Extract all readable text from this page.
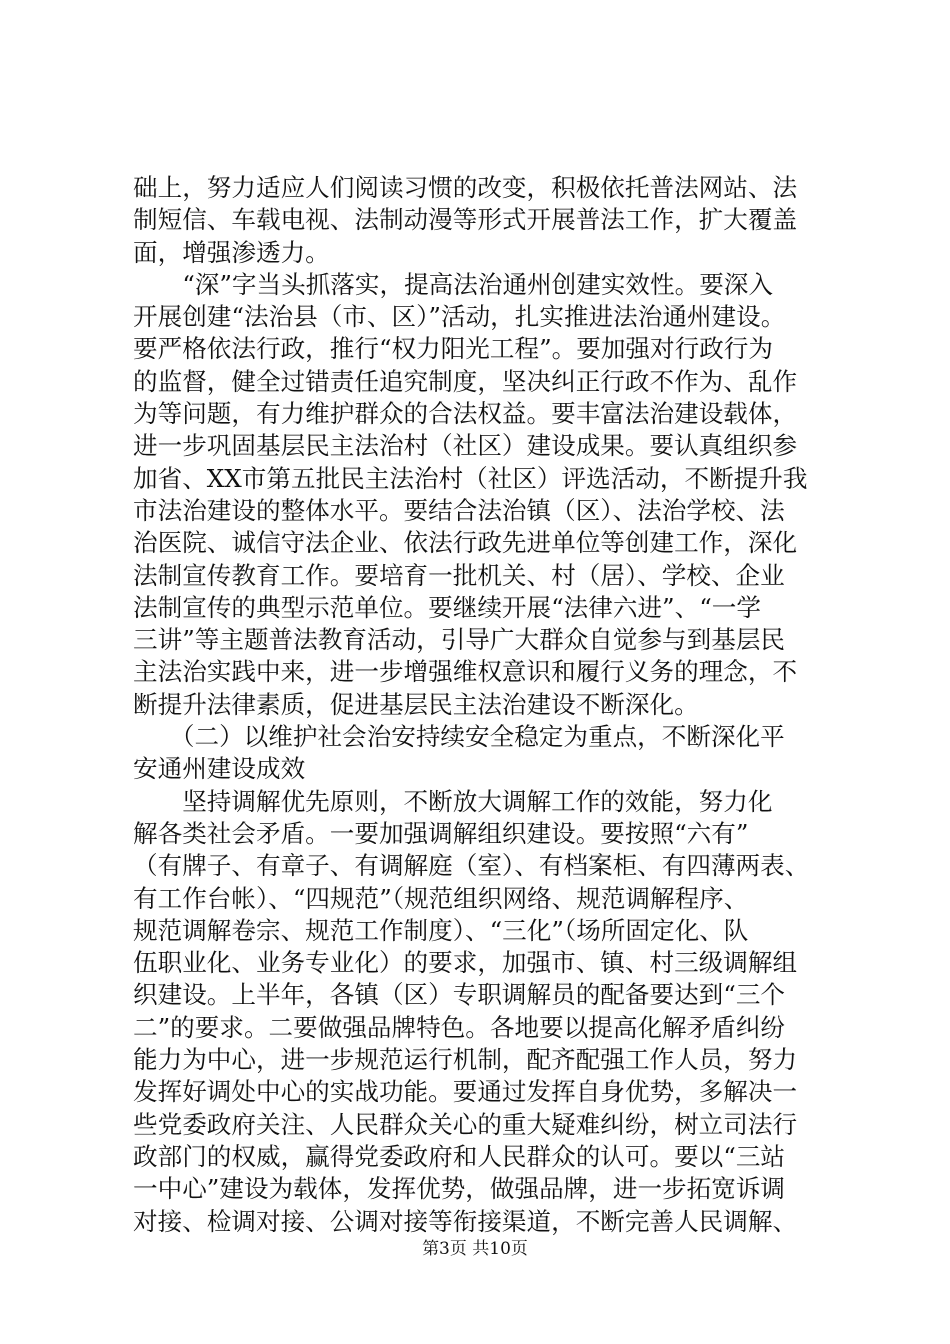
础上，努力适应人们阅读习惯的改变，积极依托普法网站、法
制短信、车载电视、法制动漫等形式开展普法工作，扩大覆盖
面，增强渗透力。
　　“深”字当头抓落实，提高法治通州创建实效性。要深入
开展创建“法治县（市、区）”活动，扎实推进法治通州建设。
要严格依法行政，推行“权力阳光工程”。要加强对行政行为
的监督，健全过错责任追究制度，坚决纠正行政不作为、乱作
为等问题，有力维护群众的合法权益。要丰富法治建设载体，
进一步巩固基层民主法治村（社区）建设成果。要认真组织参
加省、XX市第五批民主法治村（社区）评选活动，不断提升我
市法治建设的整体水平。要结合法治镇（区）、法治学校、法
治医院、诚信守法企业、依法行政先进单位等创建工作，深化
法制宣传教育工作。要培育一批机关、村（居）、学校、企业
法制宣传的典型示范单位。要继续开展“法律六进”、“一学
三讲”等主题普法教育活动，引导广大群众自觉参与到基层民
主法治实践中来，进一步增强维权意识和履行义务的理念，不
断提升法律素质，促进基层民主法治建设不断深化。
　　（二）以维护社会治安持续安全稳定为重点，不断深化平
安通州建设成效
　　坚持调解优先原则，不断放大调解工作的效能，努力化
解各类社会矛盾。一要加强调解组织建设。要按照“六有”
（有牌子、有章子、有调解庭（室）、有档案柜、有四薄两表、
有工作台帐）、“四规范”（规范组织网络、规范调解程序、
规范调解卷宗、规范工作制度）、“三化”（场所固定化、队
伍职业化、业务专业化）的要求，加强市、镇、村三级调解组
织建设。上半年，各镇（区）专职调解员的配备要达到“三个
二”的要求。二要做强品牌特色。各地要以提高化解矛盾纠纷
能力为中心，进一步规范运行机制，配齐配强工作人员，努力
发挥好调处中心的实战功能。要通过发挥自身优势，多解决一
些党委政府关注、人民群众关心的重大疑难纠纷，树立司法行
政部门的权威，赢得党委政府和人民群众的认可。要以“三站
一中心”建设为载体，发挥优势，做强品牌，进一步拓宽诉调
对接、检调对接、公调对接等衔接渠道，不断完善人民调解、
第3页 共10页
